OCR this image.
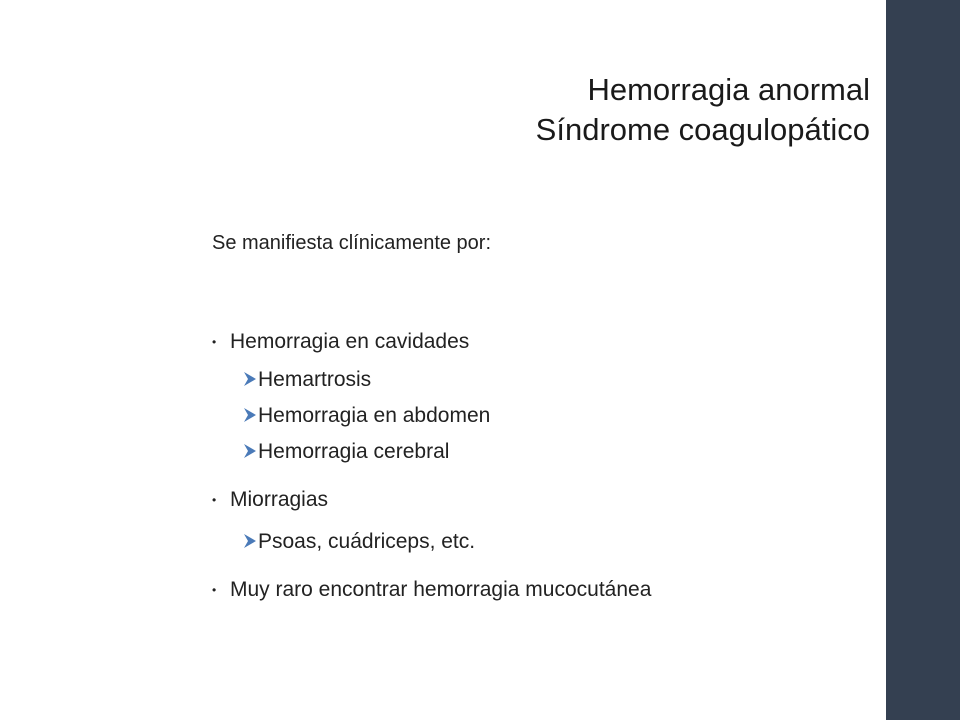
Hemorragia anormal
Síndrome coagulopático
Se manifiesta clínicamente por:
• Hemorragia en cavidades
Hemartrosis
Hemorragia en abdomen
Hemorragia cerebral
• Miorragias
Psoas, cuádriceps, etc.
• Muy raro encontrar hemorragia mucocutánea
